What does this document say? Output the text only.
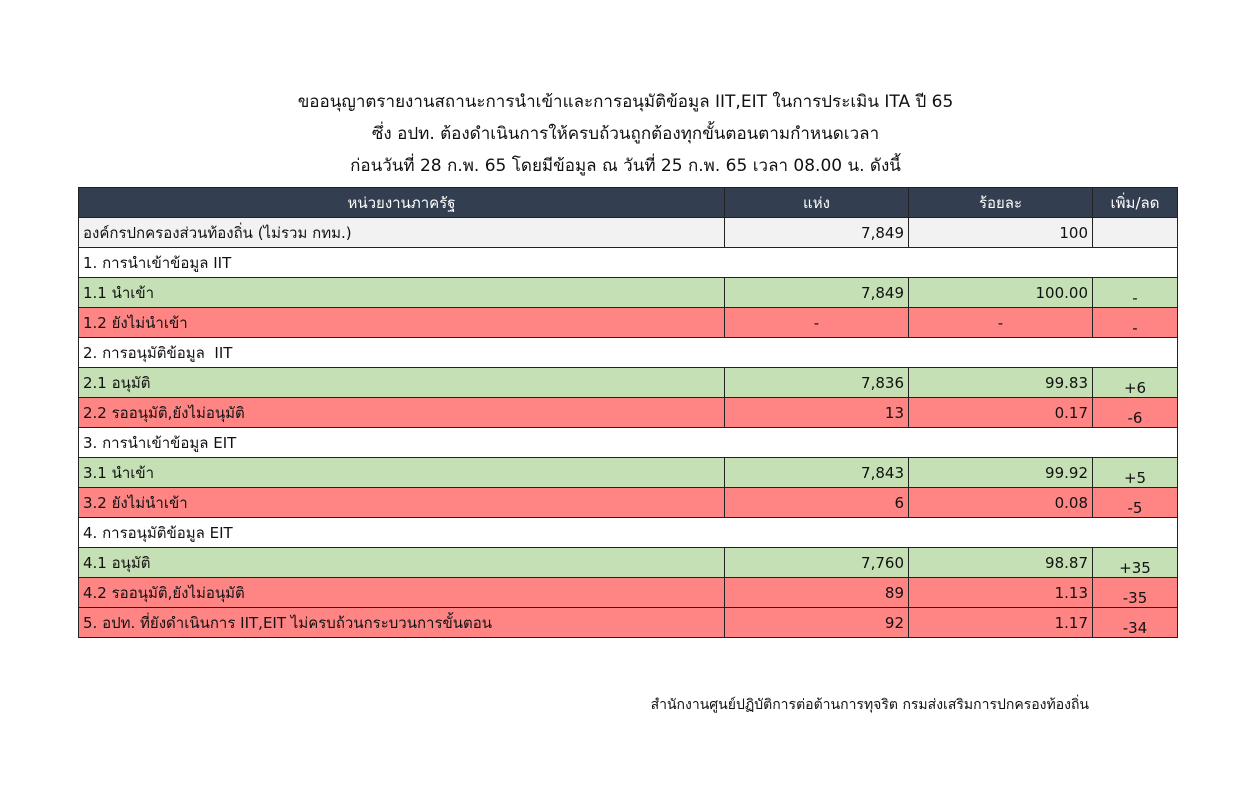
ขออนุญาตรายงานสถานะการนำเข้าและการอนุมัติข้อมูล IIT,EIT ในการประเมิน ITA ปี 65
ซึ่ง อปท. ต้องดำเนินการให้ครบถ้วนถูกต้องทุกขั้นตอนตามกำหนดเวลา
ก่อนวันที่ 28 ก.พ. 65 โดยมีข้อมูล ณ วันที่ 25 ก.พ. 65 เวลา 08.00 น. ดังนี้
หน่วยงานภาครัฐ	แห่ง	ร้อยละ	เพิ่ม/ลด
องค์กรปกครองส่วนท้องถิ่น (ไม่รวม กทม.)	7,849	100	
1. การนำเข้าข้อมูล IIT			
1.1 นำเข้า	7,849	100.00	-
1.2 ยังไม่นำเข้า	-	-	-
2. การอนุมัติข้อมูล  IIT			
2.1 อนุมัติ	7,836	99.83	+6
2.2 รออนุมัติ,ยังไม่อนุมัติ	13	0.17	-6
3. การนำเข้าข้อมูล EIT			
3.1 นำเข้า	7,843	99.92	+5
3.2 ยังไม่นำเข้า	6	0.08	-5
4. การอนุมัติข้อมูล EIT			
4.1 อนุมัติ	7,760	98.87	+35
4.2 รออนุมัติ,ยังไม่อนุมัติ	89	1.13	-35
5. อปท. ที่ยังดำเนินการ IIT,EIT ไม่ครบถ้วนกระบวนการขั้นตอน	92	1.17	-34
สำนักงานศูนย์ปฏิบัติการต่อต้านการทุจริต กรมส่งเสริมการปกครองท้องถิ่น
